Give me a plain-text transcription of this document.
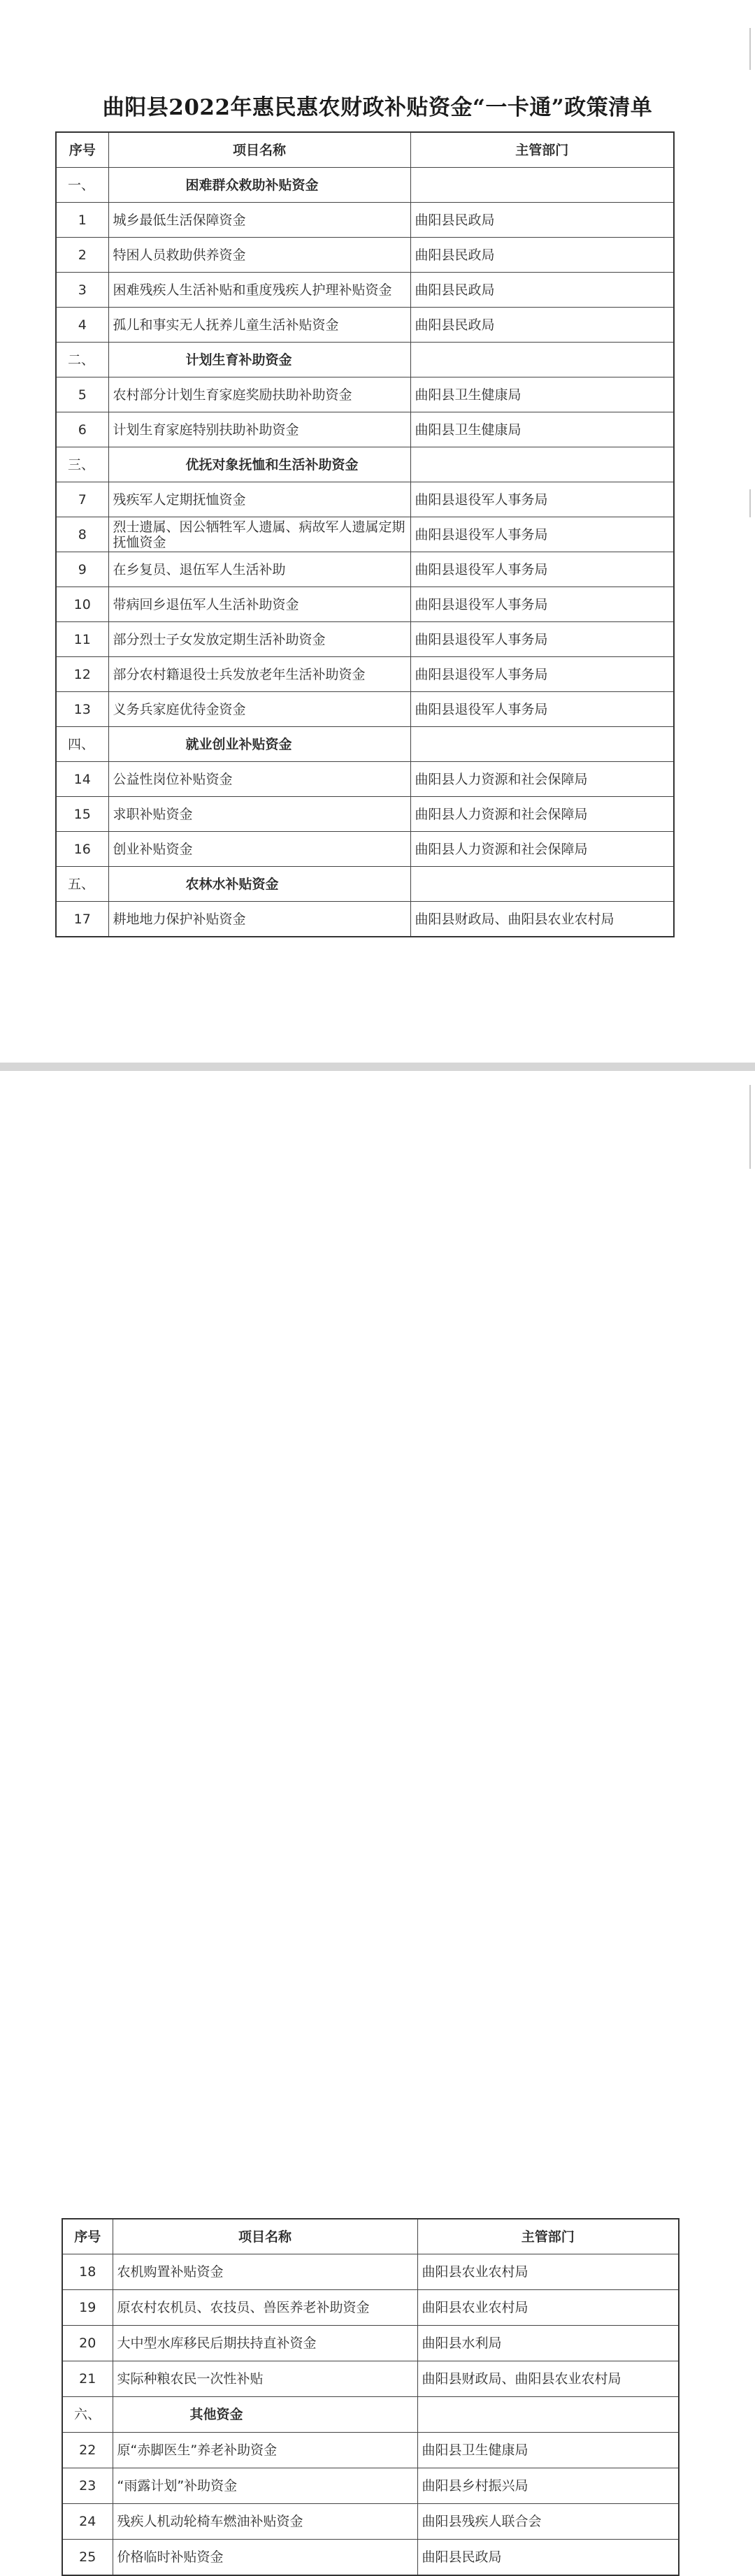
曲阳县2022年惠民惠农财政补贴资金“一卡通”政策清单
序号	项目名称	主管部门
一、	困难群众救助补贴资金	
1	城乡最低生活保障资金	曲阳县民政局
2	特困人员救助供养资金	曲阳县民政局
3	困难残疾人生活补贴和重度残疾人护理补贴资金	曲阳县民政局
4	孤儿和事实无人抚养儿童生活补贴资金	曲阳县民政局
二、	计划生育补助资金	
5	农村部分计划生育家庭奖励扶助补助资金	曲阳县卫生健康局
6	计划生育家庭特别扶助补助资金	曲阳县卫生健康局
三、	优抚对象抚恤和生活补助资金	
7	残疾军人定期抚恤资金	曲阳县退役军人事务局
8	烈士遗属、因公牺牲军人遗属、病故军人遗属定期抚恤资金	曲阳县退役军人事务局
9	在乡复员、退伍军人生活补助	曲阳县退役军人事务局
10	带病回乡退伍军人生活补助资金	曲阳县退役军人事务局
11	部分烈士子女发放定期生活补助资金	曲阳县退役军人事务局
12	部分农村籍退役士兵发放老年生活补助资金	曲阳县退役军人事务局
13	义务兵家庭优待金资金	曲阳县退役军人事务局
四、	就业创业补贴资金	
14	公益性岗位补贴资金	曲阳县人力资源和社会保障局
15	求职补贴资金	曲阳县人力资源和社会保障局
16	创业补贴资金	曲阳县人力资源和社会保障局
五、	农林水补贴资金	
17	耕地地力保护补贴资金	曲阳县财政局、曲阳县农业农村局
序号	项目名称	主管部门
18	农机购置补贴资金	曲阳县农业农村局
19	原农村农机员、农技员、兽医养老补助资金	曲阳县农业农村局
20	大中型水库移民后期扶持直补资金	曲阳县水利局
21	实际种粮农民一次性补贴	曲阳县财政局、曲阳县农业农村局
六、	其他资金	
22	原“赤脚医生”养老补助资金	曲阳县卫生健康局
23	“雨露计划”补助资金	曲阳县乡村振兴局
24	残疾人机动轮椅车燃油补贴资金	曲阳县残疾人联合会
25	价格临时补贴资金	曲阳县民政局
